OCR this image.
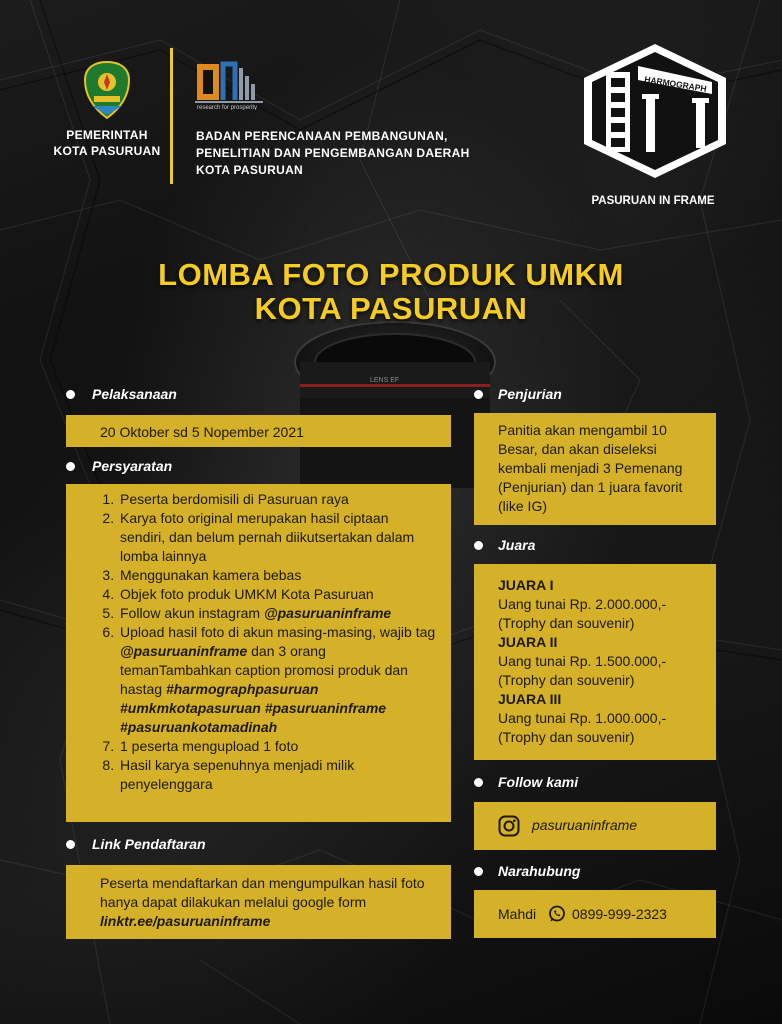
LENS EF
PEMERINTAH
KOTA PASURUAN
research for prosperity
BADAN PERENCANAAN PEMBANGUNAN,
PENELITIAN DAN PENGEMBANGAN DAERAH
KOTA PASURUAN
HARMOGRAPH
PASURUAN IN FRAME
LOMBA FOTO PRODUK UMKM
KOTA PASURUAN
Pelaksanaan
20 Oktober sd 5 Nopember 2021
Persyaratan
1. Peserta berdomisili di Pasuruan raya
2. Karya foto original merupakan hasil ciptaan sendiri, dan belum pernah diikutsertakan dalam lomba lainnya
3. Menggunakan kamera bebas
4. Objek foto produk UMKM Kota Pasuruan
5. Follow akun instagram @pasuruaninframe
6. Upload hasil foto di akun masing-masing, wajib tag @pasuruaninframe dan 3 orang temanTambahkan caption promosi produk dan hastag #harmographpasuruan #umkmkotapasuruan #pasuruaninframe #pasuruankotamadinah
7. 1 peserta mengupload 1 foto
8. Hasil karya sepenuhnya menjadi milik penyelenggara
Link Pendaftaran
Peserta mendaftarkan dan mengumpulkan hasil foto hanya dapat dilakukan melalui google form linktr.ee/pasuruaninframe
Penjurian
Panitia akan mengambil 10 Besar, dan akan diseleksi kembali menjadi 3 Pemenang (Penjurian) dan 1 juara favorit (like IG)
Juara
JUARA I
Uang tunai Rp. 2.000.000,-
(Trophy dan souvenir)
JUARA II
Uang tunai Rp. 1.500.000,-
(Trophy dan souvenir)
JUARA III
Uang tunai Rp. 1.000.000,-
(Trophy dan souvenir)
Follow kami
pasuruaninframe
Narahubung
Mahdi	0899-999-2323
